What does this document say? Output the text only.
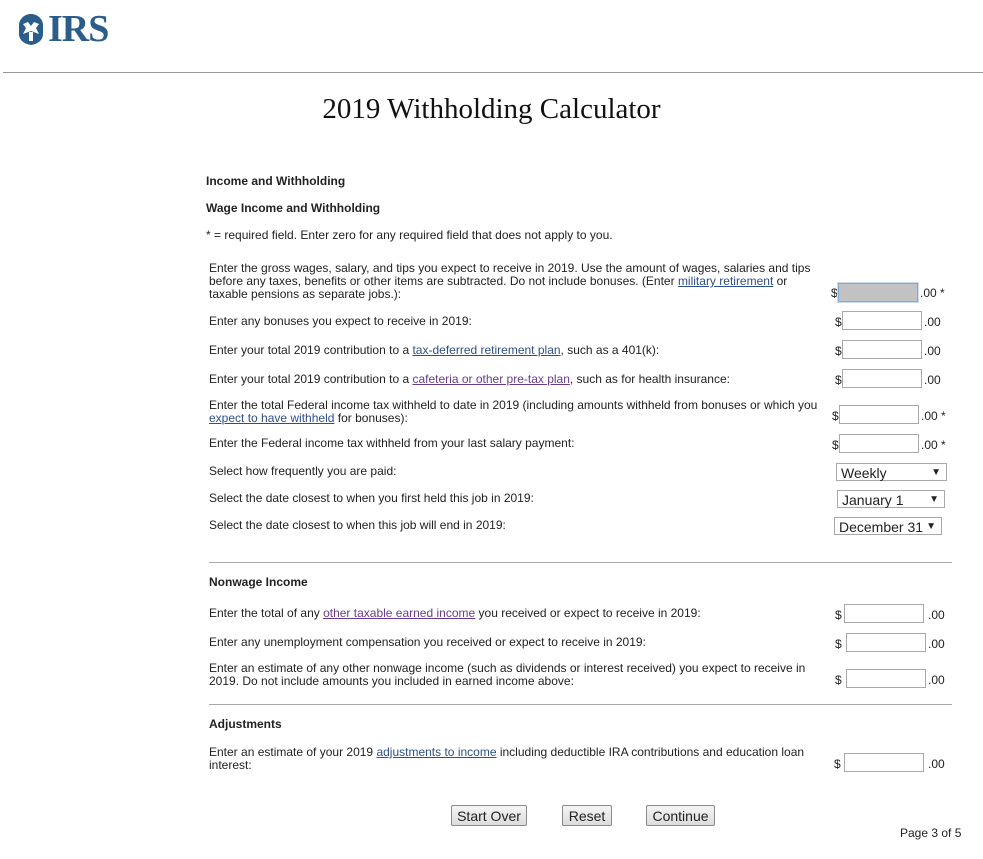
IRS
2019 Withholding Calculator
Income and Withholding
Wage Income and Withholding
* = required field. Enter zero for any required field that does not apply to you.
Enter the gross wages, salary, and tips you expect to receive in 2019. Use the amount of wages, salaries and tips before any taxes, benefits or other items are subtracted. Do not include bonuses. (Enter military retirement or taxable pensions as separate jobs.):	$	.00 *
Enter any bonuses you expect to receive in 2019:	$	.00
Enter your total 2019 contribution to a tax-deferred retirement plan, such as a 401(k):	$	.00
Enter your total 2019 contribution to a cafeteria or other pre-tax plan, such as for health insurance:	$	.00
Enter the total Federal income tax withheld to date in 2019 (including amounts withheld from bonuses or which you expect to have withheld for bonuses):	$	.00 *
Enter the Federal income tax withheld from your last salary payment:	$	.00 *
Select how frequently you are paid:	Weekly	▼
Select the date closest to when you first held this job in 2019:	January 1	▼
Select the date closest to when this job will end in 2019:	December 31 ▼
Nonwage Income
Enter the total of any other taxable earned income you received or expect to receive in 2019:	$	.00
Enter any unemployment compensation you received or expect to receive in 2019:	$	.00
Enter an estimate of any other nonwage income (such as dividends or interest received) you expect to receive in 2019. Do not include amounts you included in earned income above:	$	.00
Adjustments
Enter an estimate of your 2019 adjustments to income including deductible IRA contributions and education loan interest:	$	.00
Start Over	Reset	Continue
Page 3 of 5
